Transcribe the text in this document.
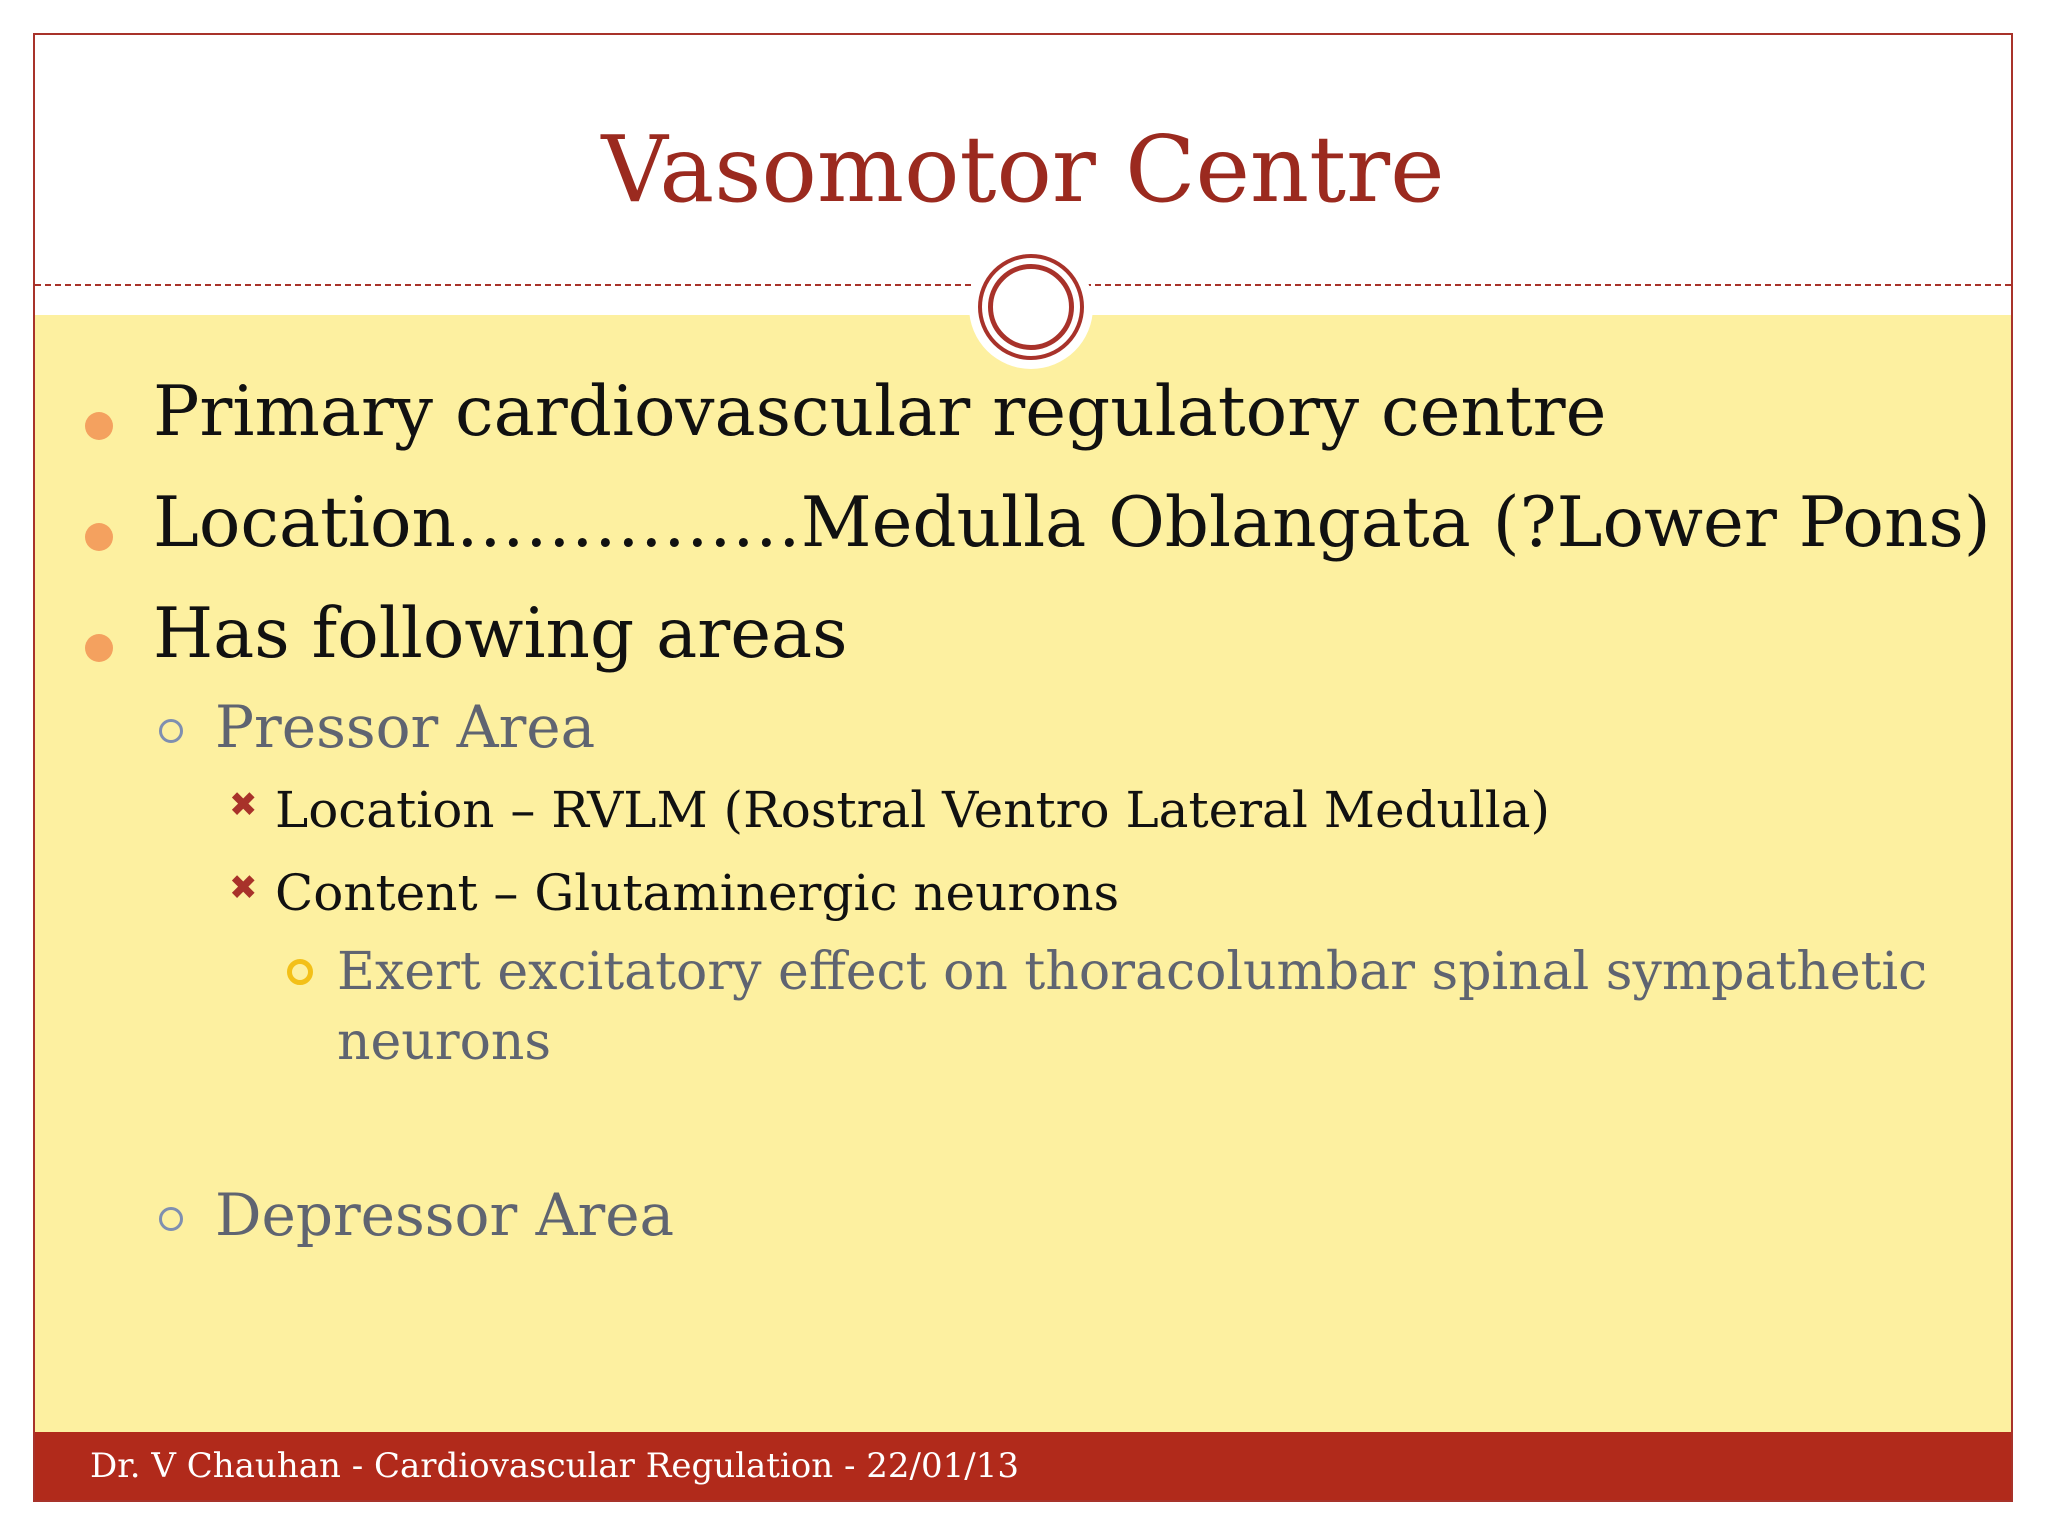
Vasomotor Centre
Primary cardiovascular regulatory centre
Location……………Medulla Oblangata (?Lower Pons)
Has following areas
Pressor Area
✖ Location – RVLM (Rostral Ventro Lateral Medulla)
✖ Content – Glutaminergic neurons
Exert excitatory effect on thoracolumbar spinal sympathetic neurons
Depressor Area
Dr. V Chauhan - Cardiovascular Regulation - 22/01/13
